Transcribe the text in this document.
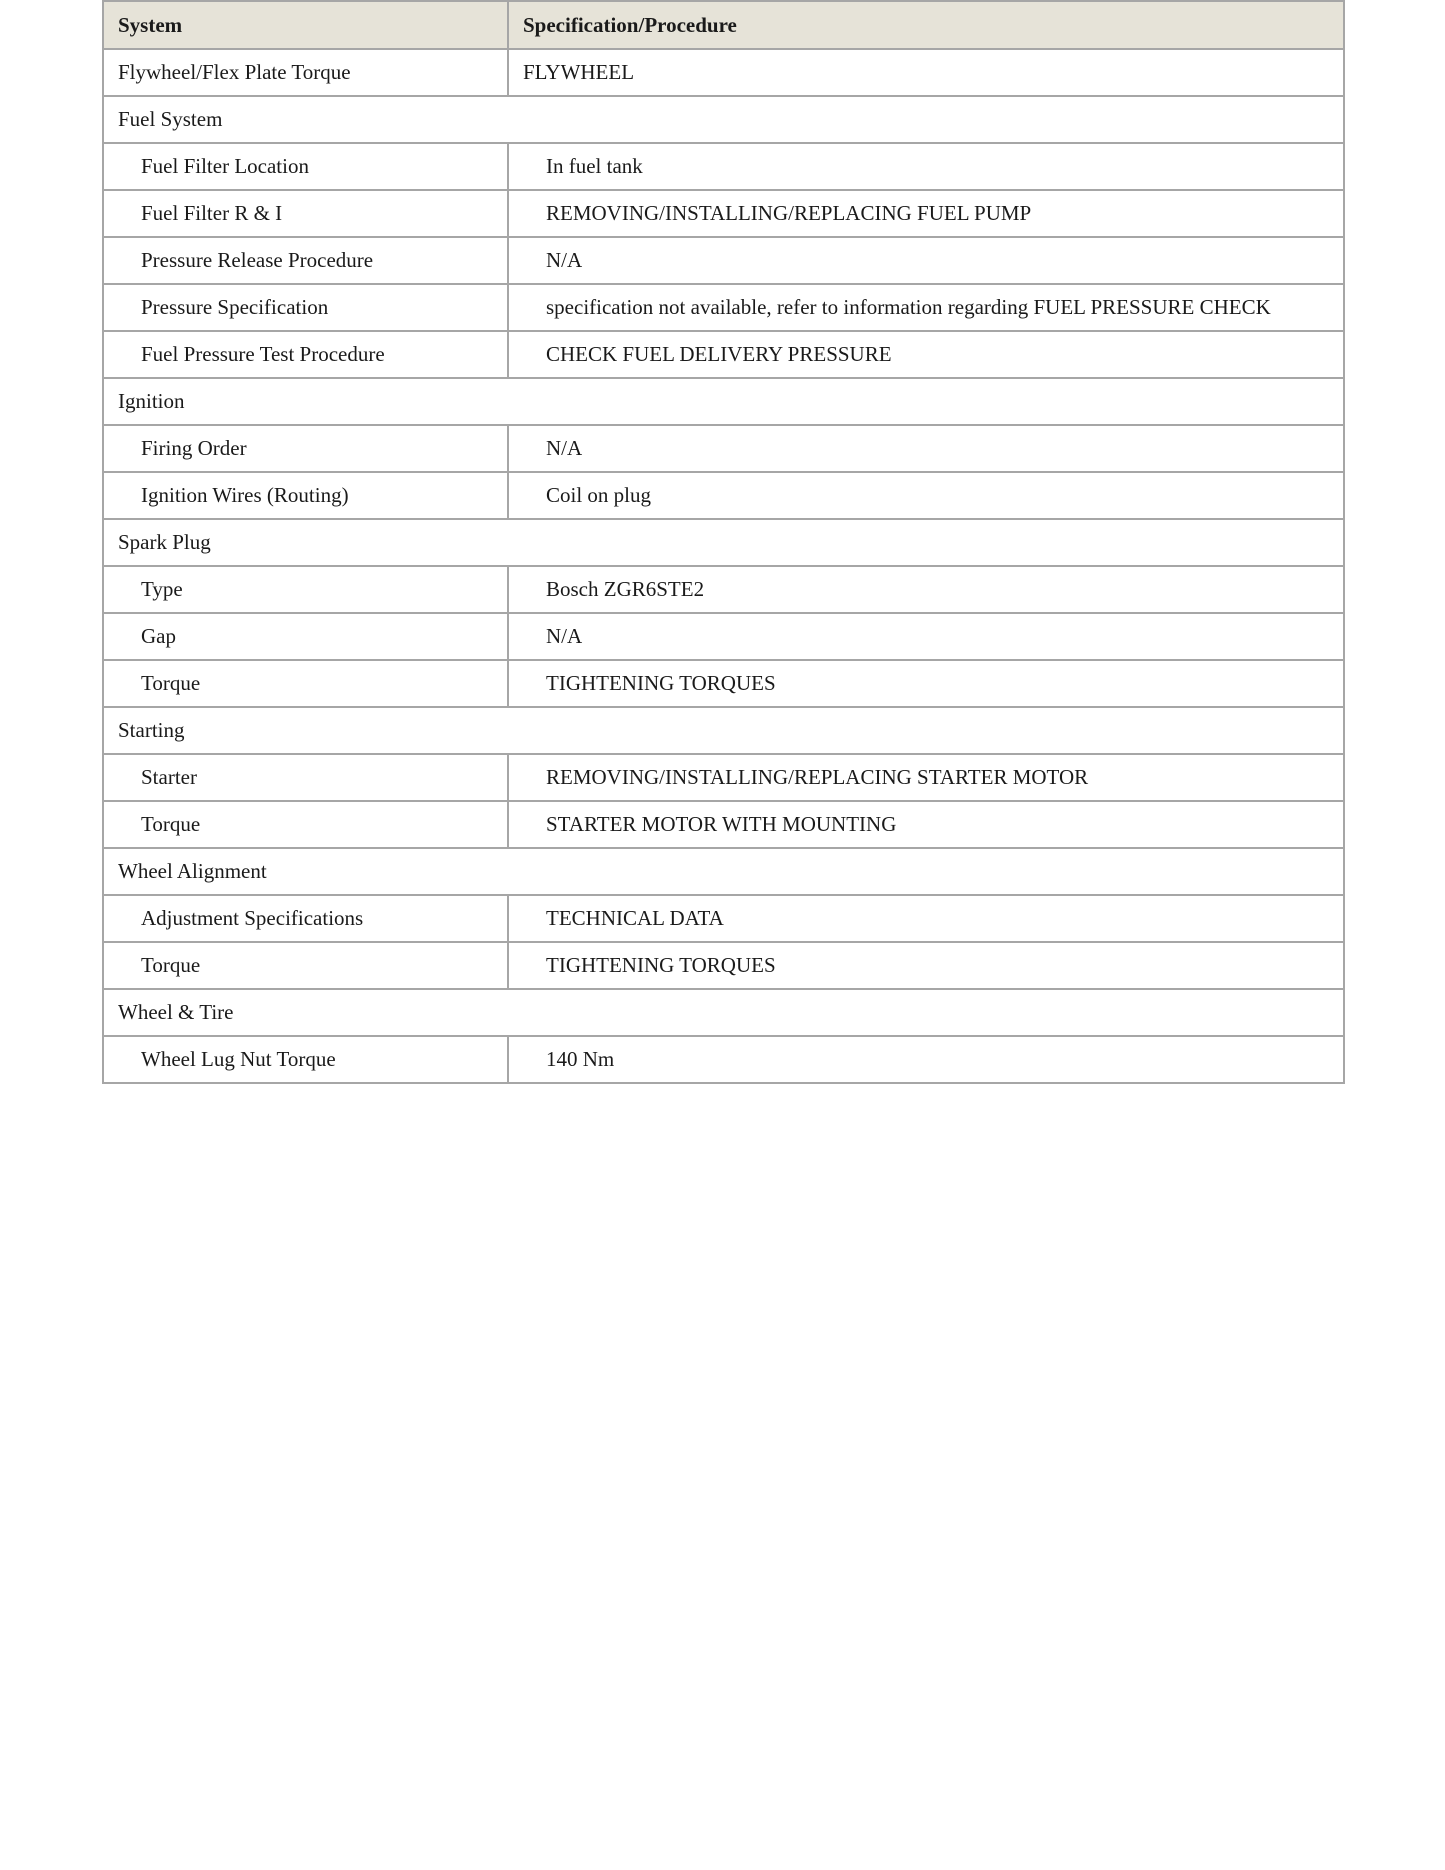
System	Specification/Procedure
Flywheel/Flex Plate Torque	FLYWHEEL
Fuel System	
Fuel Filter Location	In fuel tank
Fuel Filter R & I	REMOVING/INSTALLING/REPLACING FUEL PUMP
Pressure Release Procedure	N/A
Pressure Specification	specification not available, refer to information regarding FUEL PRESSURE CHECK
Fuel Pressure Test Procedure	CHECK FUEL DELIVERY PRESSURE
Ignition	
Firing Order	N/A
Ignition Wires (Routing)	Coil on plug
Spark Plug	
Type	Bosch ZGR6STE2
Gap	N/A
Torque	TIGHTENING TORQUES
Starting	
Starter	REMOVING/INSTALLING/REPLACING STARTER MOTOR
Torque	STARTER MOTOR WITH MOUNTING
Wheel Alignment	
Adjustment Specifications	TECHNICAL DATA
Torque	TIGHTENING TORQUES
Wheel & Tire	
Wheel Lug Nut Torque	140 Nm
